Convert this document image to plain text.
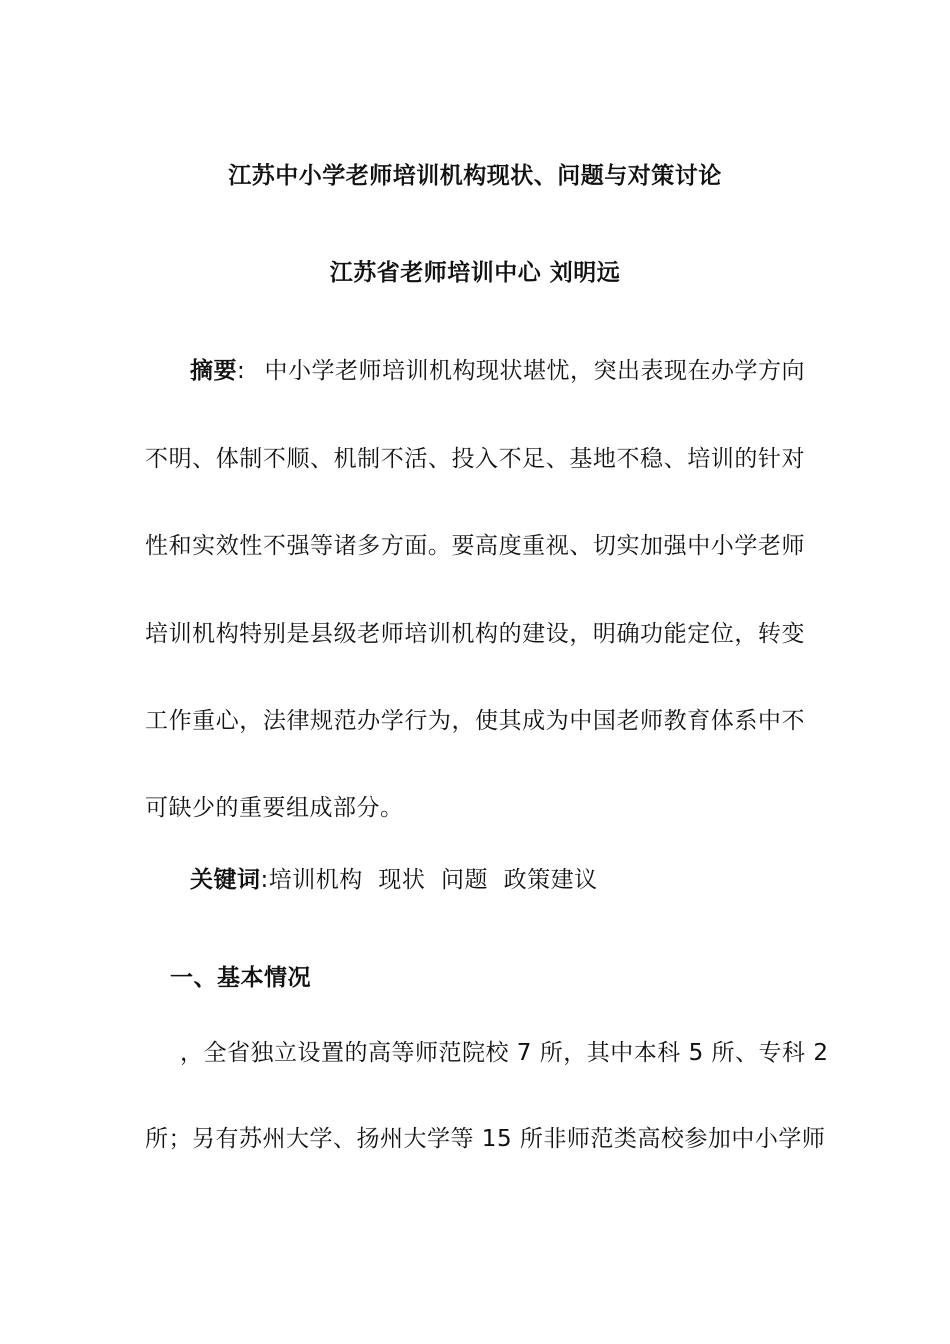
江苏中小学老师培训机构现状、问题与对策讨论
江苏省老师培训中心 刘明远
摘要: 中小学老师培训机构现状堪忧，突出表现在办学方向
不明、体制不顺、机制不活、投入不足、基地不稳、培训的针对
性和实效性不强等诸多方面。要高度重视、切实加强中小学老师
培训机构特别是县级老师培训机构的建设，明确功能定位，转变
工作重心，法律规范办学行为，使其成为中国老师教育体系中不
可缺少的重要组成部分。
关键词:培训机构  现状  问题  政策建议
一、基本情况
，全省独立设置的高等师范院校 7 所，其中本科 5 所、专科 2
所；另有苏州大学、扬州大学等 15 所非师范类高校参加中小学师
